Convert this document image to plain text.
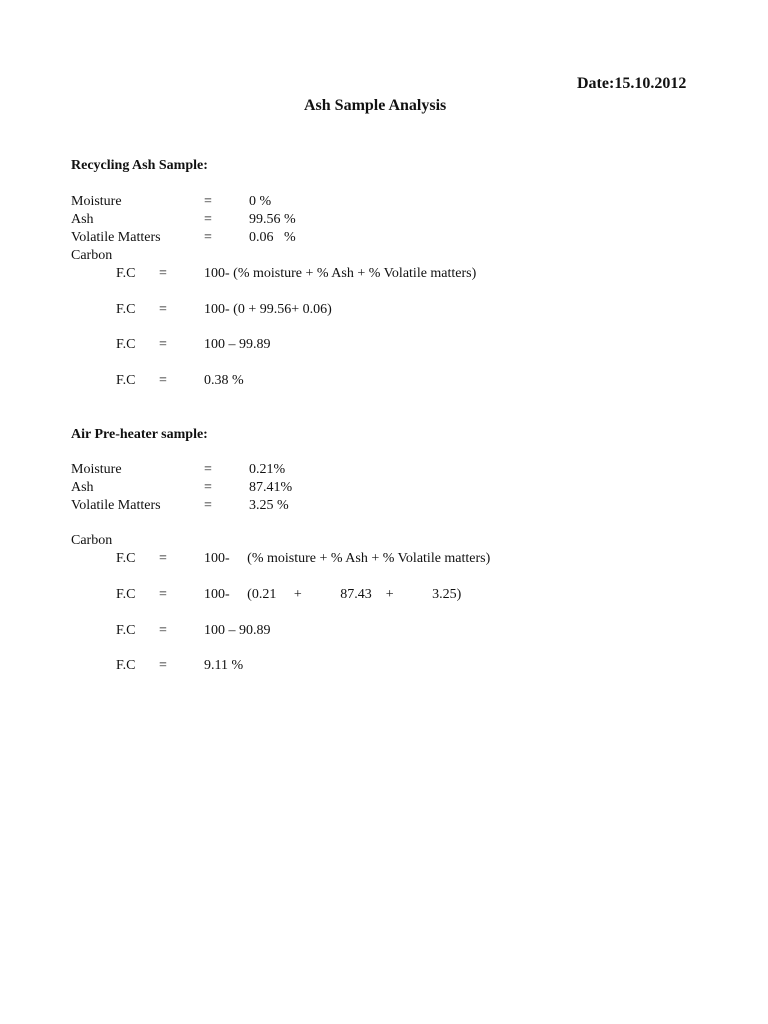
Date:15.10.2012
Ash Sample Analysis
Recycling Ash Sample:
Moisture	=	0 %
Ash	=	99.56 %
Volatile Matters	=	0.06   %
Carbon
F.C =	100- (% moisture + % Ash + % Volatile matters)
F.C =	100- (0 + 99.56+ 0.06)
F.C =	100 – 99.89
F.C =	0.38 %
Air Pre-heater sample:
Moisture	=	0.21%
Ash	=	87.41%
Volatile Matters	=	3.25 %
Carbon
F.C =	100-     (% moisture + % Ash + % Volatile matters)
F.C =	100-     (0.21     +           87.43    +           3.25)
F.C =	100 – 90.89
F.C =	9.11 %
